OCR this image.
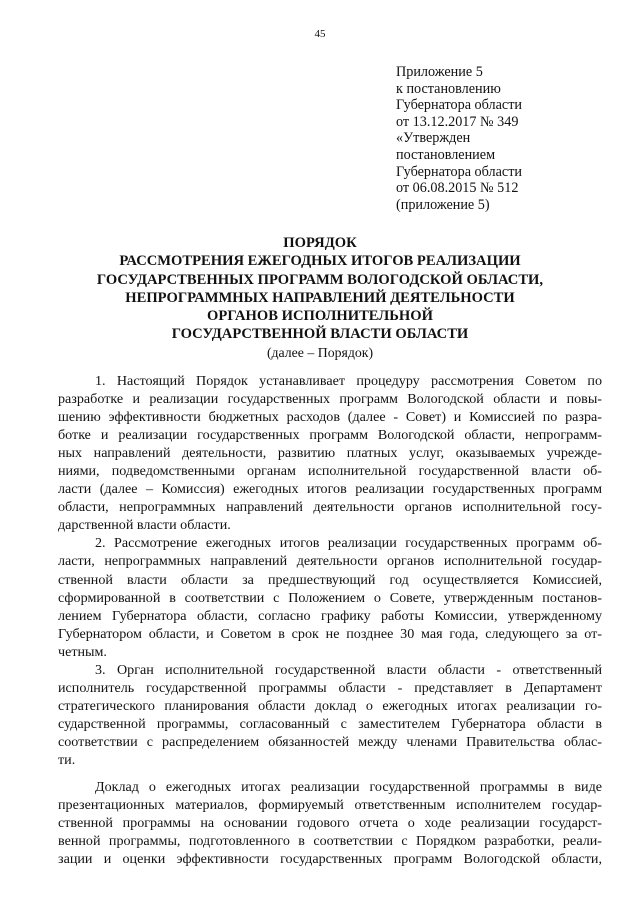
45
Приложение 5
к постановлению
Губернатора области
от 13.12.2017 № 349
«Утвержден
постановлением
Губернатора области
от 06.08.2015 № 512
(приложение 5)
ПОРЯДОК
РАССМОТРЕНИЯ ЕЖЕГОДНЫХ ИТОГОВ РЕАЛИЗАЦИИ
ГОСУДАРСТВЕННЫХ ПРОГРАММ ВОЛОГОДСКОЙ ОБЛАСТИ,
НЕПРОГРАММНЫХ НАПРАВЛЕНИЙ ДЕЯТЕЛЬНОСТИ
ОРГАНОВ ИСПОЛНИТЕЛЬНОЙ
ГОСУДАРСТВЕННОЙ ВЛАСТИ ОБЛАСТИ
(далее – Порядок)

1. Настоящий Порядок устанавливает процедуру рассмотрения Советом по
разработке и реализации государственных программ Вологодской области и повы-
шению эффективности бюджетных расходов (далее - Совет) и Комиссией по разра-
ботке и реализации государственных программ Вологодской области, непрограмм-
ных направлений деятельности, развитию платных услуг, оказываемых учрежде-
ниями, подведомственными органам исполнительной государственной власти об-
ласти (далее – Комиссия) ежегодных итогов реализации государственных программ
области, непрограммных направлений деятельности органов исполнительной госу-
дарственной власти области.

2. Рассмотрение ежегодных итогов реализации государственных программ об-
ласти, непрограммных направлений деятельности органов исполнительной государ-
ственной власти области за предшествующий год осуществляется Комиссией,
сформированной в соответствии с Положением о Совете, утвержденным постанов-
лением Губернатора области, согласно графику работы Комиссии, утвержденному
Губернатором области, и Советом в срок не позднее 30 мая года, следующего за от-
четным.

3. Орган исполнительной государственной власти области - ответственный
исполнитель государственной программы области - представляет в Департамент
стратегического планирования области доклад о ежегодных итогах реализации го-
сударственной программы, согласованный с заместителем Губернатора области в
соответствии с распределением обязанностей между членами Правительства облас-
ти.

Доклад о ежегодных итогах реализации государственной программы в виде
презентационных материалов, формируемый ответственным исполнителем государ-
ственной программы на основании годового отчета о ходе реализации государст-
венной программы, подготовленного в соответствии с Порядком разработки, реали-
зации и оценки эффективности государственных программ Вологодской области,
